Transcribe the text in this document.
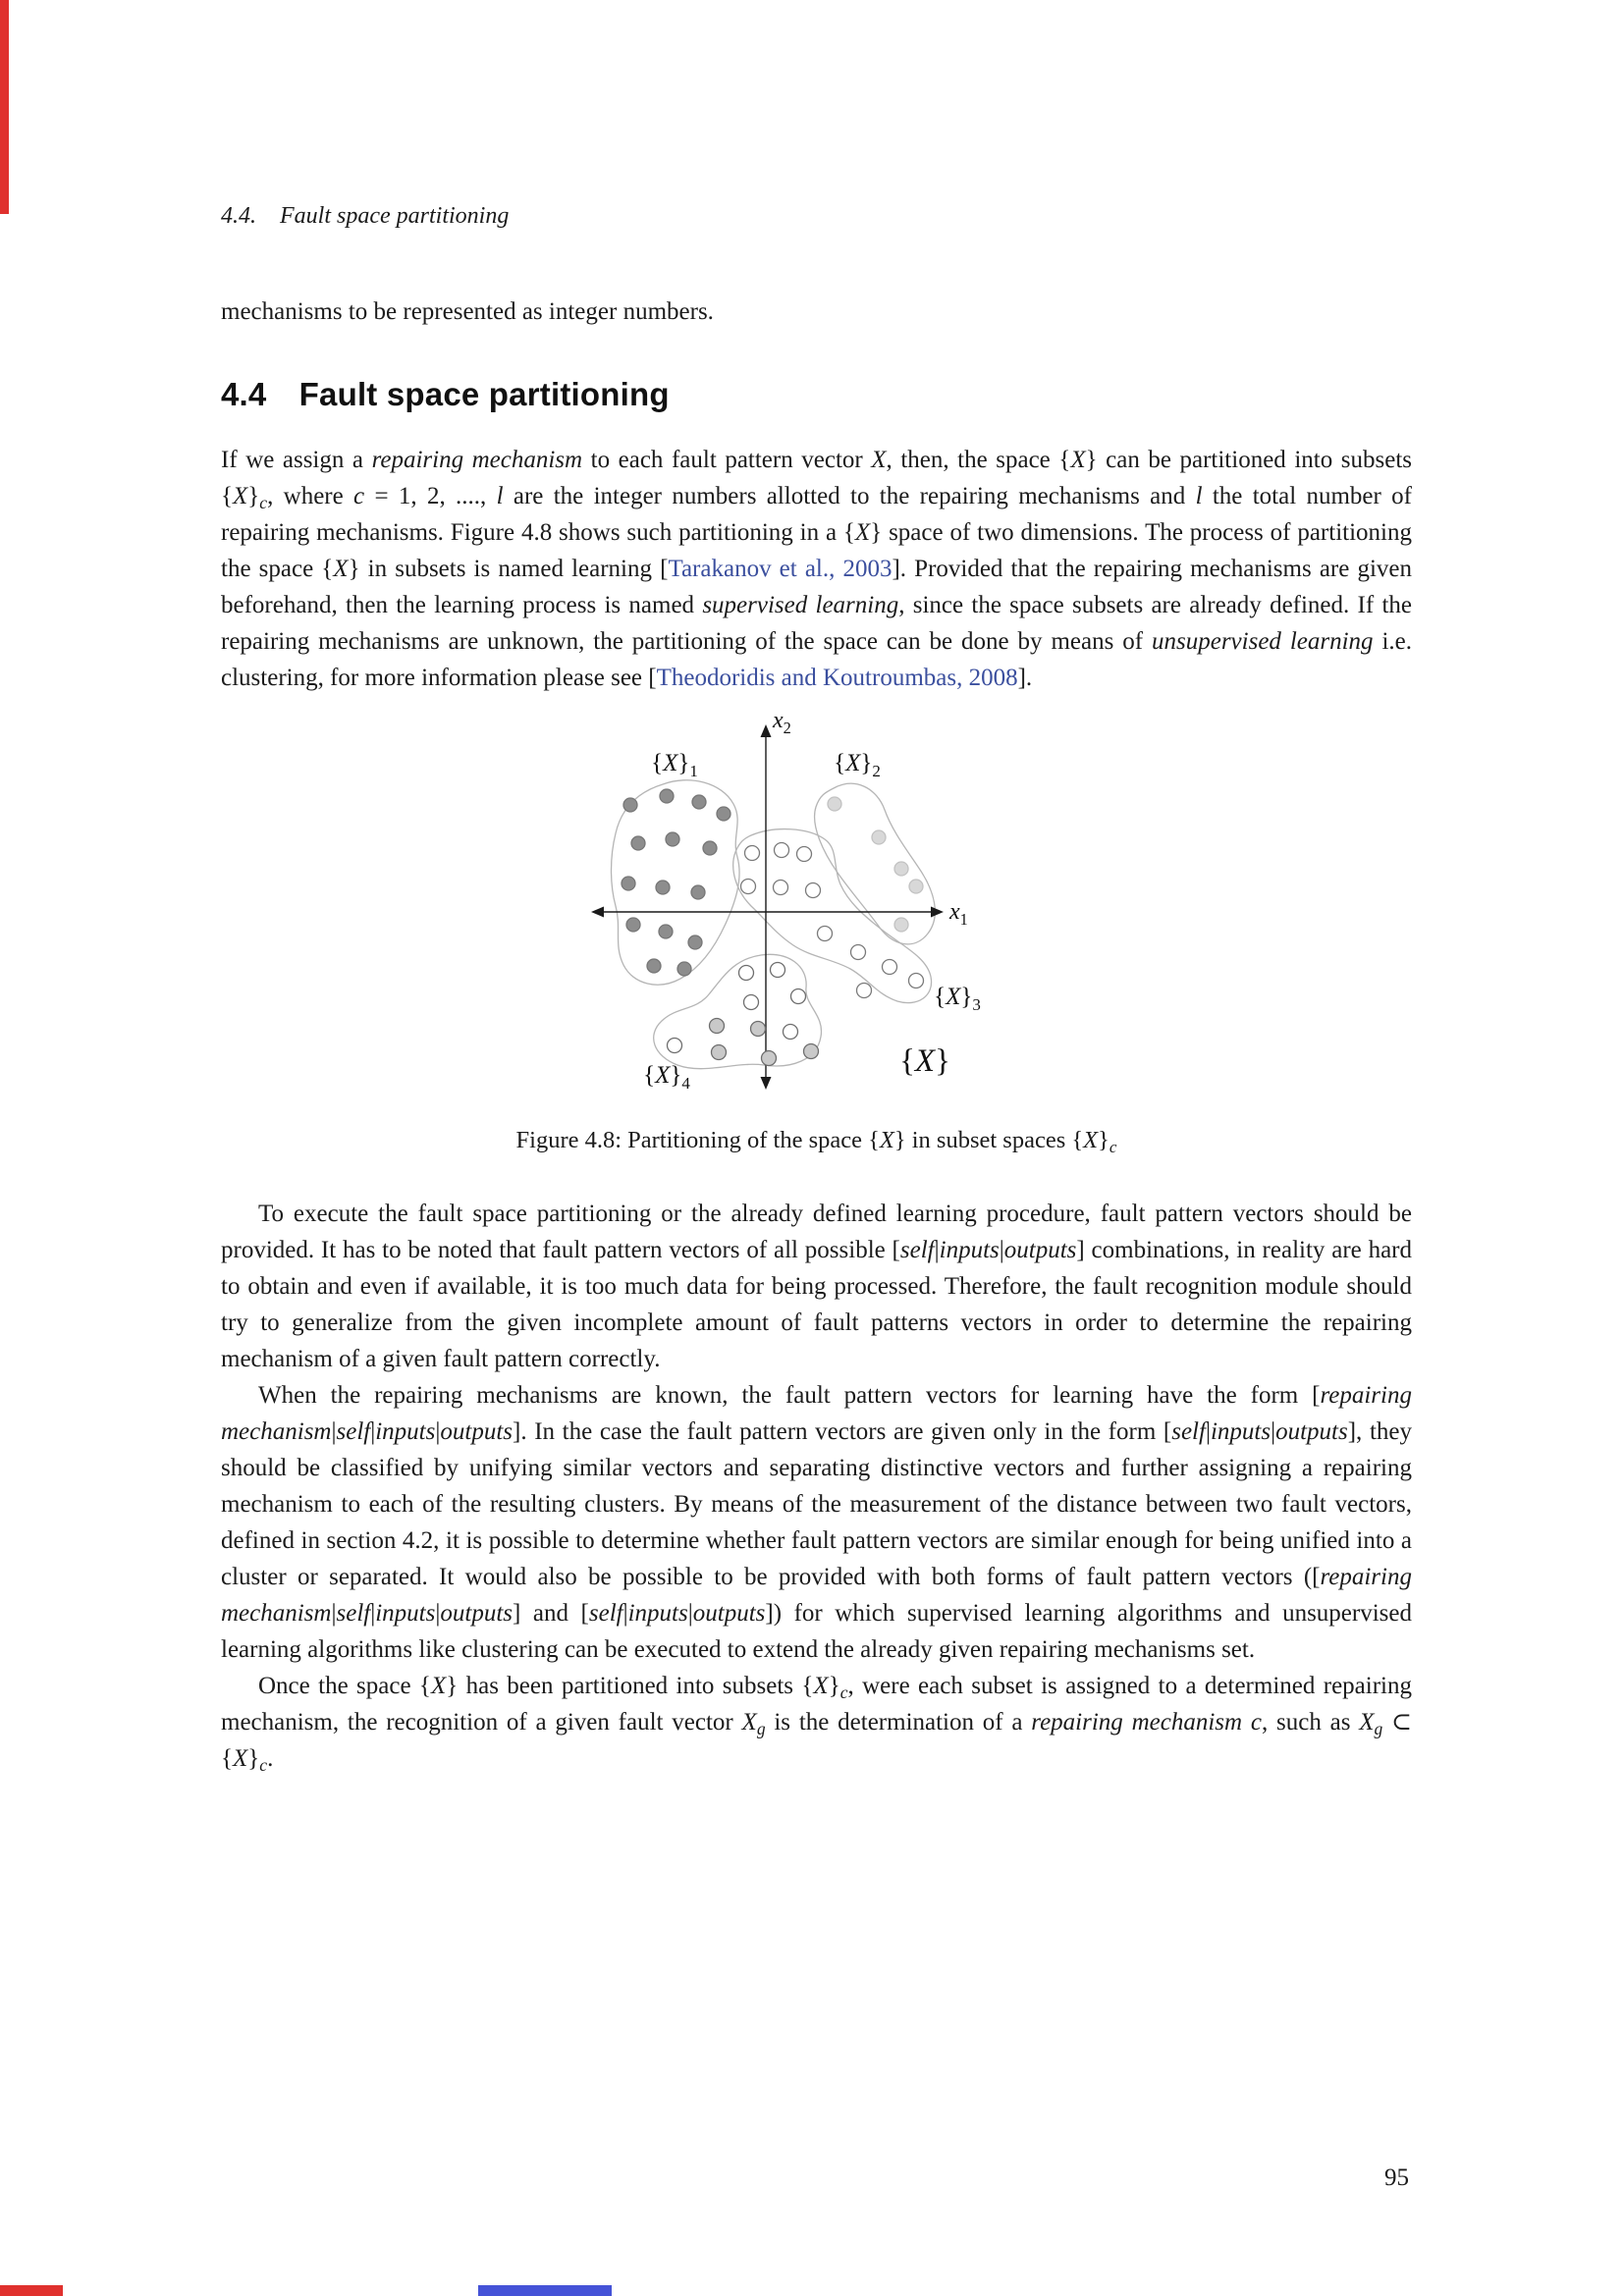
4.4. Fault space partitioning

mechanisms to be represented as integer numbers.

4.4 Fault space partitioning

If we assign a repairing mechanism to each fault pattern vector X, then, the space {X} can be partitioned into subsets {X}c, where c = 1, 2, ...., l are the integer numbers allotted to the repairing mechanisms and l the total number of repairing mechanisms. Figure 4.8 shows such partitioning in a {X} space of two dimensions. The process of partitioning the space {X} in subsets is named learning [Tarakanov et al., 2003]. Provided that the repairing mechanisms are given beforehand, then the learning process is named supervised learning, since the space subsets are already defined. If the repairing mechanisms are unknown, the partitioning of the space can be done by means of unsupervised learning i.e. clustering, for more information please see [Theodoridis and Koutroumbas, 2008].

$\{X\}_1$	$\{X\}_2$
$\{X\}_3$
$\{X\}_4$
{X}
$x_1$
$x_2$
Figure 4.8: Partitioning of the space {X} in subset spaces {X}c

To execute the fault space partitioning or the already defined learning procedure, fault pattern vectors should be provided. It has to be noted that fault pattern vectors of all possible [self|inputs|outputs] combinations, in reality are hard to obtain and even if available, it is too much data for being processed. Therefore, the fault recognition module should try to generalize from the given incomplete amount of fault patterns vectors in order to determine the repairing mechanism of a given fault pattern correctly.

When the repairing mechanisms are known, the fault pattern vectors for learning have the form [repairing mechanism|self|inputs|outputs]. In the case the fault pattern vectors are given only in the form [self|inputs|outputs], they should be classified by unifying similar vectors and separating distinctive vectors and further assigning a repairing mechanism to each of the resulting clusters. By means of the measurement of the distance between two fault vectors, defined in section 4.2, it is possible to determine whether fault pattern vectors are similar enough for being unified into a cluster or separated. It would also be possible to be provided with both forms of fault pattern vectors ([repairing mechanism|self|inputs|outputs] and [self|inputs|outputs]) for which supervised learning algorithms and unsupervised learning algorithms like clustering can be executed to extend the already given repairing mechanisms set.

Once the space {X} has been partitioned into subsets {X}c, were each subset is assigned to a determined repairing mechanism, the recognition of a given fault vector Xg is the determination of a repairing mechanism c, such as Xg ⊂ {X}c.

95
